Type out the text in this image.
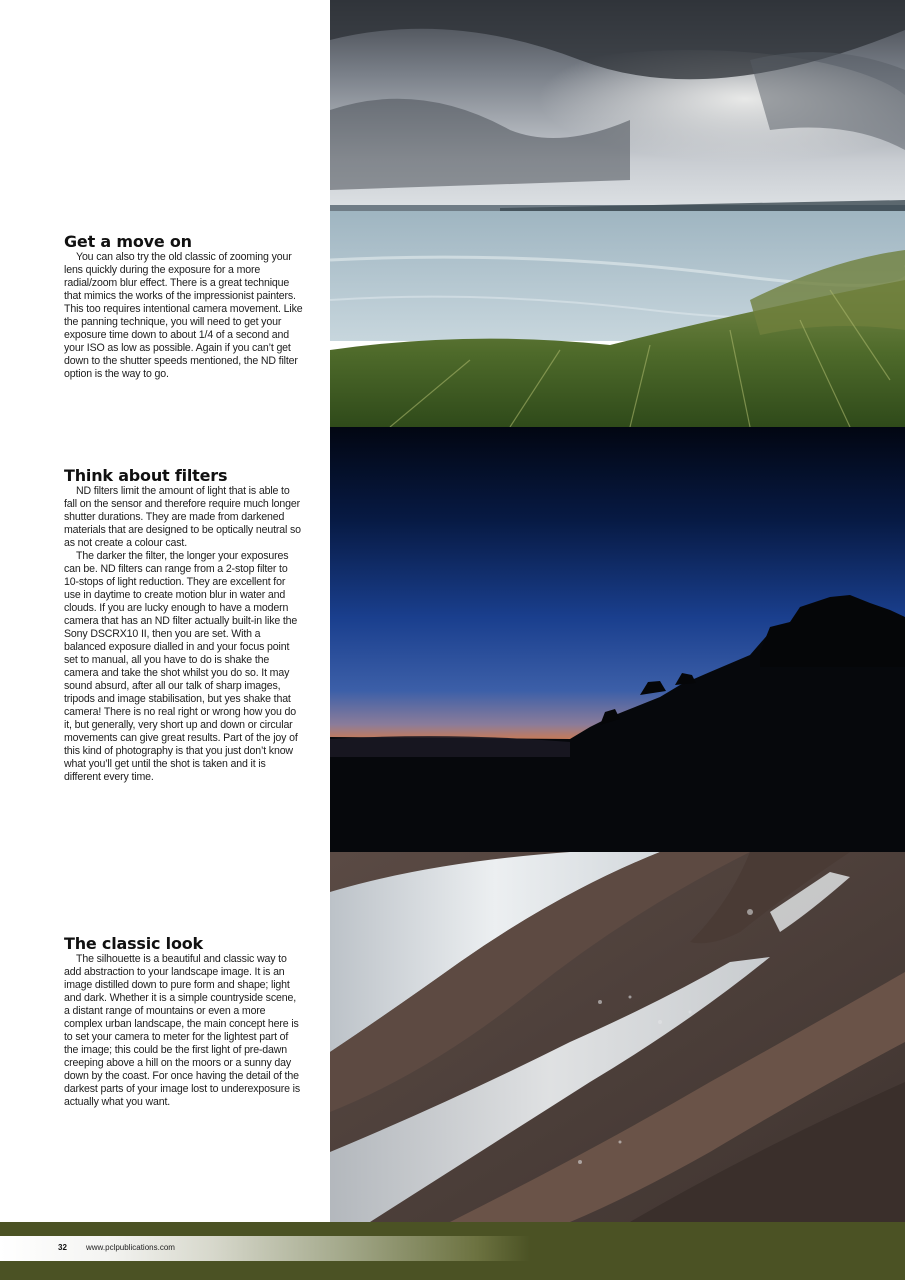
Get a move on

You can also try the old classic of zooming your lens quickly during the exposure for a more radial/zoom blur effect. There is a great technique that mimics the works of the impressionist painters. This too requires intentional camera movement. Like the panning technique, you will need to get your exposure time down to about 1/4 of a second and your ISO as low as possible. Again if you can’t get down to the shutter speeds mentioned, the ND filter option is the way to go.

Think about filters

ND filters limit the amount of light that is able to fall on the sensor and therefore require much longer shutter durations. They are made from darkened materials that are designed to be optically neutral so as not create a colour cast.

The darker the filter, the longer your exposures can be. ND filters can range from a 2-stop filter to 10-stops of light reduction. They are excellent for use in daytime to create motion blur in water and clouds. If you are lucky enough to have a modern camera that has an ND filter actually built-in like the Sony DSCRX10 II, then you are set. With a balanced exposure dialled in and your focus point set to manual, all you have to do is shake the camera and take the shot whilst you do so. It may sound absurd, after all our talk of sharp images, tripods and image stabilisation, but yes shake that camera! There is no real right or wrong how you do it, but generally, very short up and down or circular movements can give great results. Part of the joy of this kind of photography is that you just don’t know what you’ll get until the shot is taken and it is different every time.

The classic look

The silhouette is a beautiful and classic way to add abstraction to your landscape image. It is an image distilled down to pure form and shape; light and dark. Whether it is a simple countryside scene, a distant range of mountains or even a more complex urban landscape, the main concept here is to set your camera to meter for the lightest part of the image; this could be the first light of pre-dawn creeping above a hill on the moors or a sunny day down by the coast. For once having the detail of the darkest parts of your image lost to underexposure is actually what you want.

32 www.pclpublications.com
